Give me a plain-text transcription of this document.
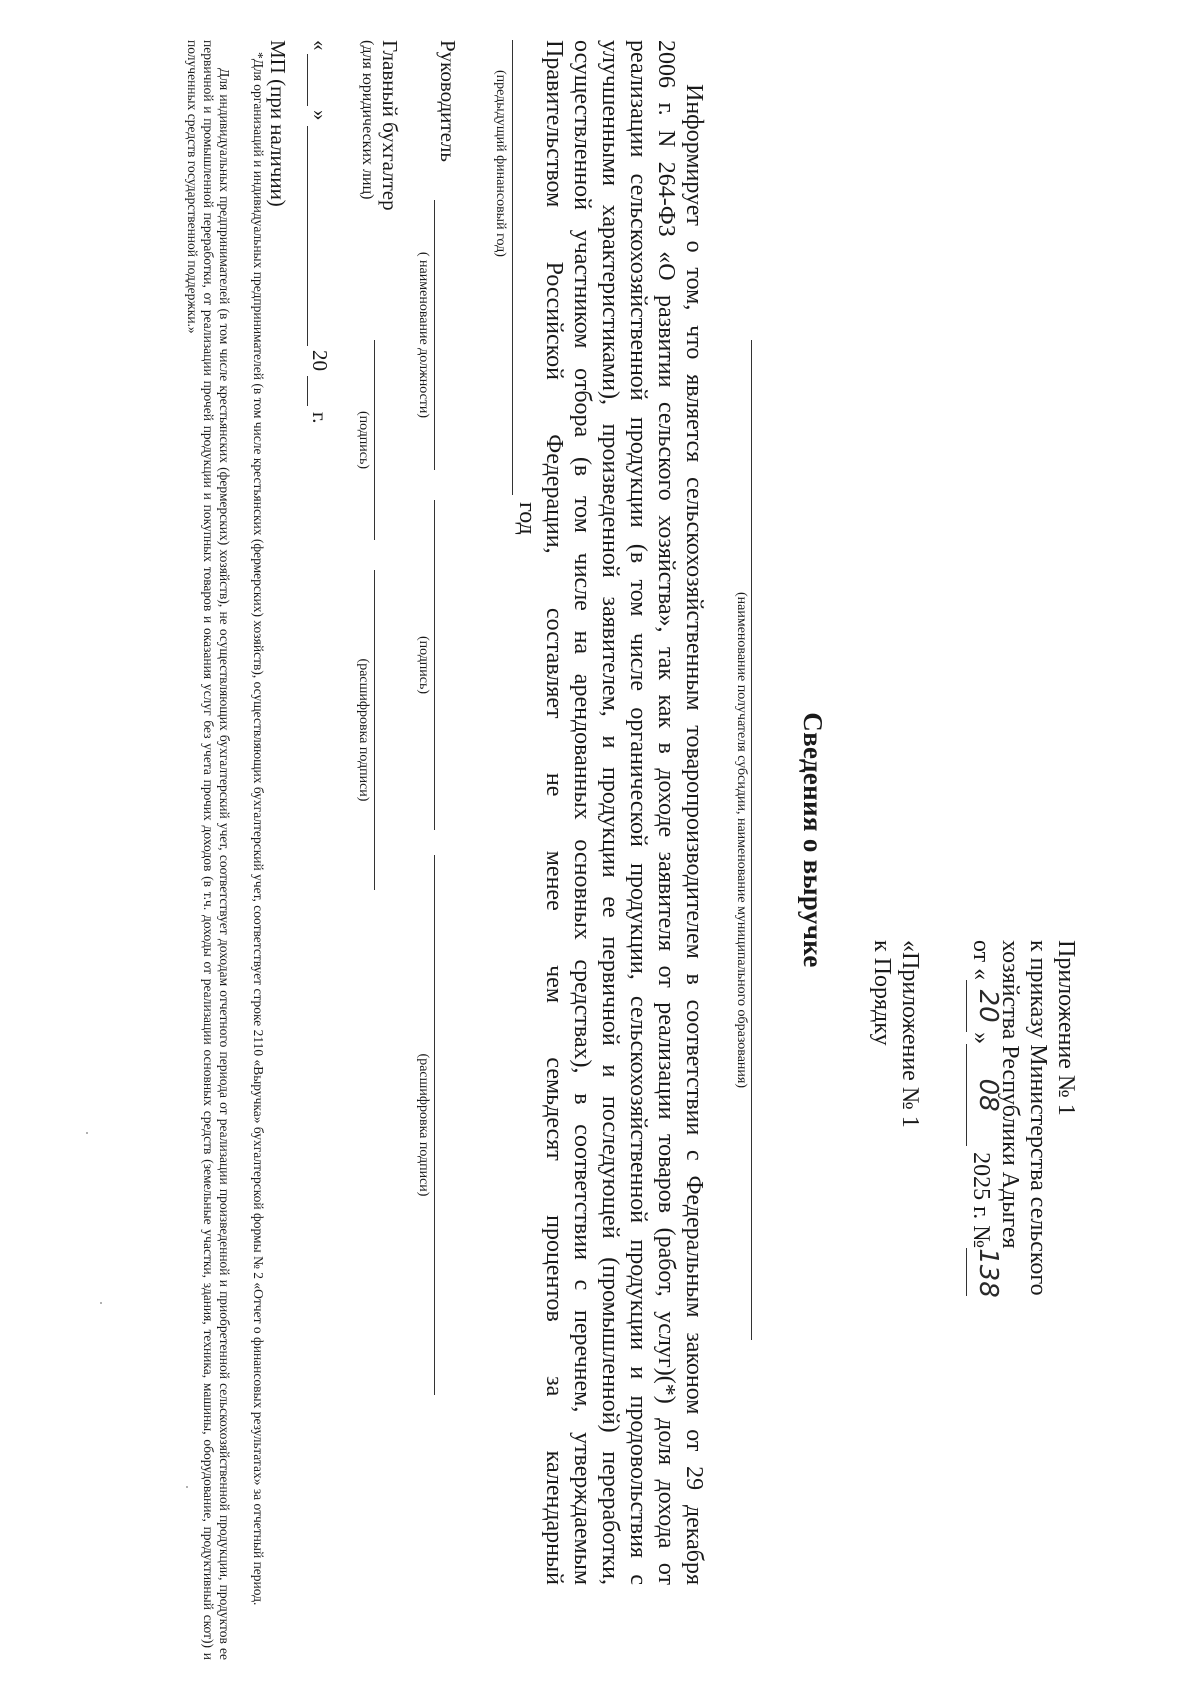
Приложение № 1
к приказу Министерства сельского
хозяйства Республики Адыгея
от «20»08 2025 г. №138
«Приложение № 1
к Порядку
Сведения о выручке
(наименование получателя субсидии, наименование муниципального образования)

Информирует о том, что является сельскохозяйственным товаропроизводителем в соответствии с Федеральным законом от 29 декабря

2006 г. N 264-ФЗ «О развитии сельского хозяйства», так как в доходе заявителя от реализации товаров (работ, услуг)(*) доля дохода от

реализации сельскохозяйственной продукции (в том числе органической продукции, сельскохозяйственной продукции и продовольствия с

улучшенными характеристиками), произведенной заявителем, и продукции ее первичной и последующей (промышленной) переработки,

осуществленной участником отбора (в том числе на арендованных основных средствах), в соответствии с перечнем, утверждаемым

Правительством Российской Федерации, составляет не менее чем семьдесят процентов за календарный

год
(предыдущий финансовый год)
Руководитель
( наименование должности)
(подпись)
(расшифровка подписи)
Главный бухгалтер
(для юридических лиц)
(подпись)
(расшифровка подписи)
«
»
20
г.
МП (при наличии)
*Для организаций и индивидуальных предпринимателей (в том числе крестьянских (фермерских) хозяйств), осуществляющих бухгалтерский учет, соответствует строке 2110 «Выручка» бухгалтерской формы № 2 «Отчет о финансовых результатах» за отчетный период.
Для индивидуальных предпринимателей (в том числе крестьянских (фермерских) хозяйств), не осуществляющих бухгалтерский учет, соответствует доходам отчетного периода от реализации произведенной и приобретенной сельскохозяйственной продукции, продуктов ее первичной и промышленной переработки, от реализации прочей продукции и покупных товаров и оказания услуг без учета прочих доходов (в т.ч. доходы от реализации основных средств (земельные участки, здания, техника, машины, оборудование, продуктивный скот)) и полученных средств государственной поддержки.»
